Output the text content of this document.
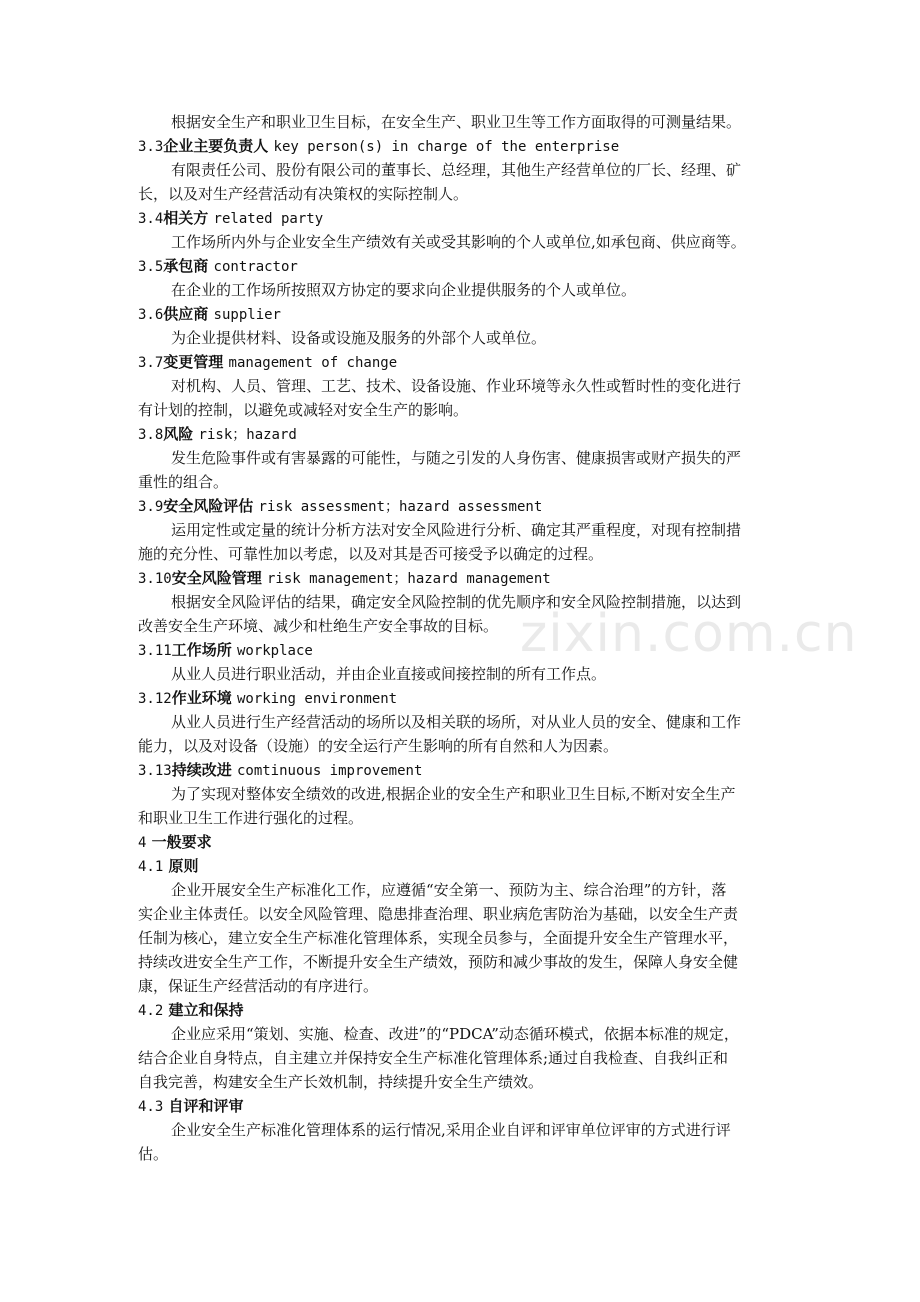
根据安全生产和职业卫生目标，在安全生产、职业卫生等工作方面取得的可测量结果。
3.3企业主要负责人 key person(s) in charge of the enterprise
有限责任公司、股份有限公司的董事长、总经理，其他生产经营单位的厂长、经理、矿
长，以及对生产经营活动有决策权的实际控制人。
3.4相关方 related party
工作场所内外与企业安全生产绩效有关或受其影响的个人或单位,如承包商、供应商等。
3.5承包商 contractor
在企业的工作场所按照双方协定的要求向企业提供服务的个人或单位。
3.6供应商 supplier
为企业提供材料、设备或设施及服务的外部个人或单位。
3.7变更管理 management of change
对机构、人员、管理、工艺、技术、设备设施、作业环境等永久性或暂时性的变化进行
有计划的控制，以避免或减轻对安全生产的影响。
3.8风险 risk；hazard
发生危险事件或有害暴露的可能性，与随之引发的人身伤害、健康损害或财产损失的严
重性的组合。
3.9安全风险评估 risk assessment；hazard assessment
运用定性或定量的统计分析方法对安全风险进行分析、确定其严重程度，对现有控制措
施的充分性、可靠性加以考虑，以及对其是否可接受予以确定的过程。
3.10安全风险管理 risk management；hazard management
根据安全风险评估的结果，确定安全风险控制的优先顺序和安全风险控制措施，以达到
改善安全生产环境、减少和杜绝生产安全事故的目标。
3.11工作场所 workplace
从业人员进行职业活动，并由企业直接或间接控制的所有工作点。
3.12作业环境 working environment
从业人员进行生产经营活动的场所以及相关联的场所，对从业人员的安全、健康和工作
能力，以及对设备（设施）的安全运行产生影响的所有自然和人为因素。
3.13持续改进 comtinuous improvement
为了实现对整体安全绩效的改进,根据企业的安全生产和职业卫生目标,不断对安全生产
和职业卫生工作进行强化的过程。
4 一般要求
4.1 原则
企业开展安全生产标准化工作，应遵循“安全第一、预防为主、综合治理”的方针，落
实企业主体责任。以安全风险管理、隐患排查治理、职业病危害防治为基础，以安全生产责
任制为核心，建立安全生产标准化管理体系，实现全员参与，全面提升安全生产管理水平，
持续改进安全生产工作，不断提升安全生产绩效，预防和减少事故的发生，保障人身安全健
康，保证生产经营活动的有序进行。
4.2 建立和保持
企业应采用“策划、实施、检查、改进”的“PDCA”动态循环模式，依据本标准的规定，
结合企业自身特点，自主建立并保持安全生产标准化管理体系;通过自我检查、自我纠正和
自我完善，构建安全生产长效机制，持续提升安全生产绩效。
4.3 自评和评审
企业安全生产标准化管理体系的运行情况,采用企业自评和评审单位评审的方式进行评
估。
zixin.com.cn
